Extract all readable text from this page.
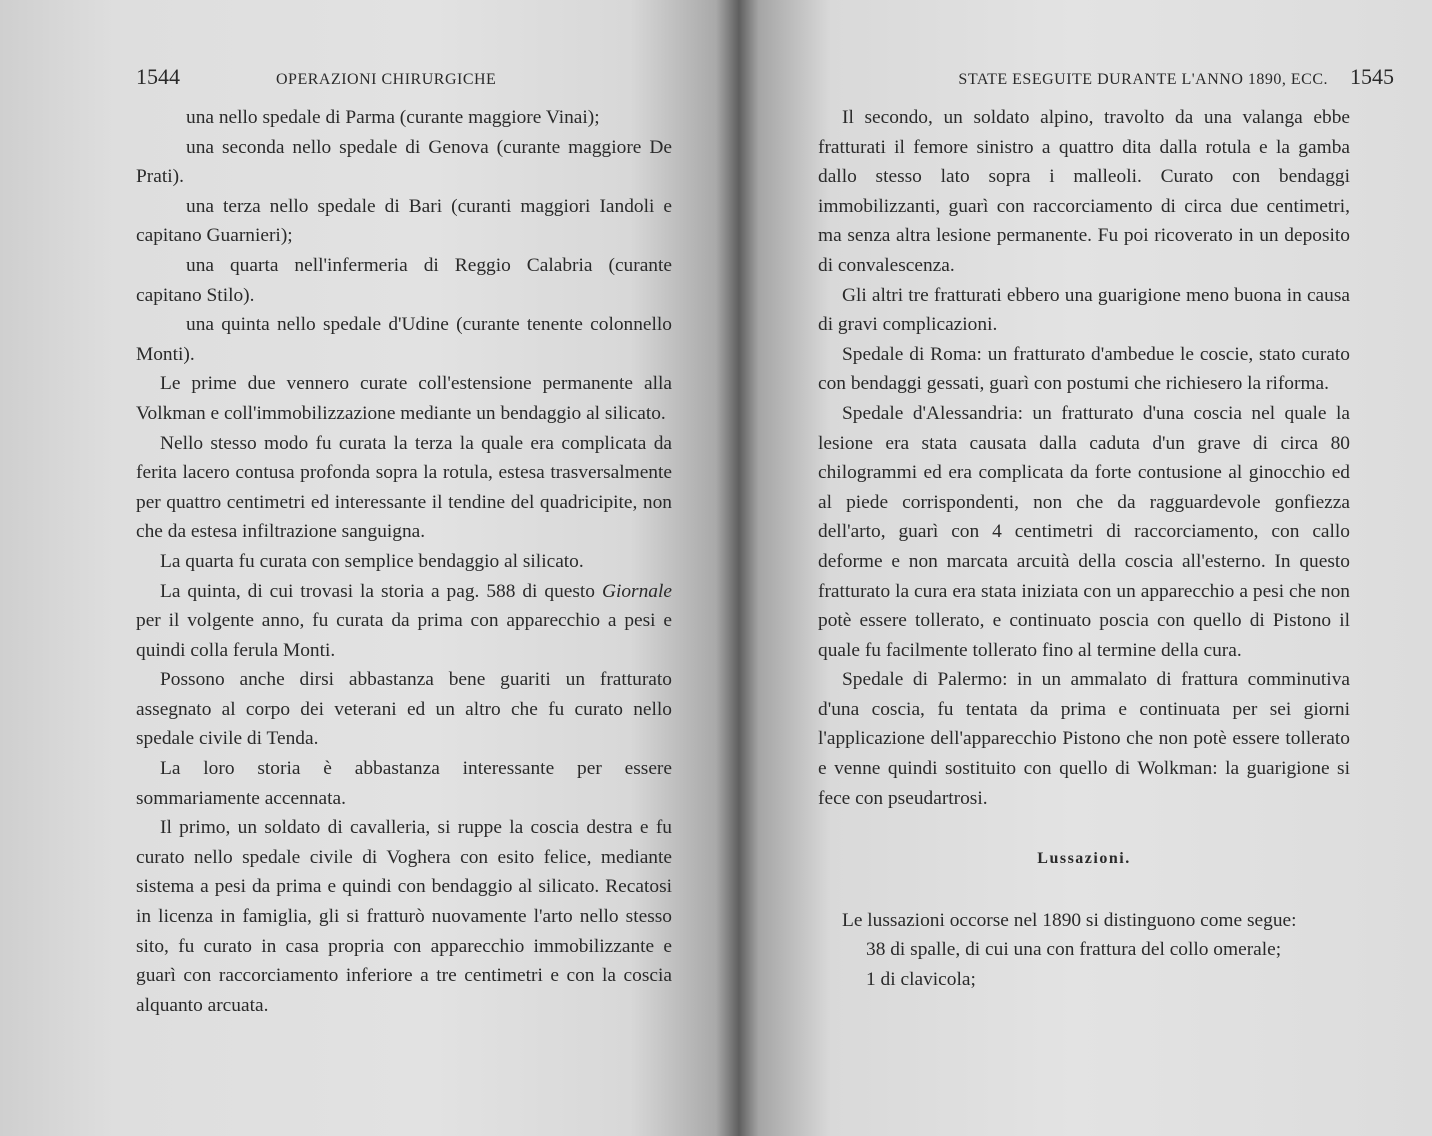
1544	OPERAZIONI CHIRURGICHE

una nello spedale di Parma (curante maggiore Vinai);

una seconda nello spedale di Genova (curante maggiore De Prati).

una terza nello spedale di Bari (curanti maggiori Iandoli e capitano Guarnieri);

una quarta nell'infermeria di Reggio Calabria (curante capitano Stilo).

una quinta nello spedale d'Udine (curante tenente colonnello Monti).

Le prime due vennero curate coll'estensione permanente alla Volkman e coll'immobilizzazione mediante un bendaggio al silicato.

Nello stesso modo fu curata la terza la quale era complicata da ferita lacero contusa profonda sopra la rotula, estesa trasversalmente per quattro centimetri ed interessante il tendine del quadricipite, non che da estesa infiltrazione sanguigna.

La quarta fu curata con semplice bendaggio al silicato.

La quinta, di cui trovasi la storia a pag. 588 di questo Giornale per il volgente anno, fu curata da prima con apparecchio a pesi e quindi colla ferula Monti.

Possono anche dirsi abbastanza bene guariti un fratturato assegnato al corpo dei veterani ed un altro che fu curato nello spedale civile di Tenda.

La loro storia è abbastanza interessante per essere sommariamente accennata.

Il primo, un soldato di cavalleria, si ruppe la coscia destra e fu curato nello spedale civile di Voghera con esito felice, mediante sistema a pesi da prima e quindi con bendaggio al silicato. Recatosi in licenza in famiglia, gli si fratturò nuovamente l'arto nello stesso sito, fu curato in casa propria con apparecchio immobilizzante e guarì con raccorciamento inferiore a tre centimetri e con la coscia alquanto arcuata.

STATE ESEGUITE DURANTE L'ANNO 1890, ECC. 1545

Il secondo, un soldato alpino, travolto da una valanga ebbe fratturati il femore sinistro a quattro dita dalla rotula e la gamba dallo stesso lato sopra i malleoli. Curato con bendaggi immobilizzanti, guarì con raccorciamento di circa due centimetri, ma senza altra lesione permanente. Fu poi ricoverato in un deposito di convalescenza.

Gli altri tre fratturati ebbero una guarigione meno buona in causa di gravi complicazioni.

Spedale di Roma: un fratturato d'ambedue le coscie, stato curato con bendaggi gessati, guarì con postumi che richiesero la riforma.

Spedale d'Alessandria: un fratturato d'una coscia nel quale la lesione era stata causata dalla caduta d'un grave di circa 80 chilogrammi ed era complicata da forte contusione al ginocchio ed al piede corrispondenti, non che da ragguardevole gonfiezza dell'arto, guarì con 4 centimetri di raccorciamento, con callo deforme e non marcata arcuità della coscia all'esterno. In questo fratturato la cura era stata iniziata con un apparecchio a pesi che non potè essere tollerato, e continuato poscia con quello di Pistono il quale fu facilmente tollerato fino al termine della cura.

Spedale di Palermo: in un ammalato di frattura comminutiva d'una coscia, fu tentata da prima e continuata per sei giorni l'applicazione dell'apparecchio Pistono che non potè essere tollerato e venne quindi sostituito con quello di Wolkman: la guarigione si fece con pseudartrosi.

Lussazioni.

Le lussazioni occorse nel 1890 si distinguono come segue:

38 di spalle, di cui una con frattura del collo omerale;

1 di clavicola;
